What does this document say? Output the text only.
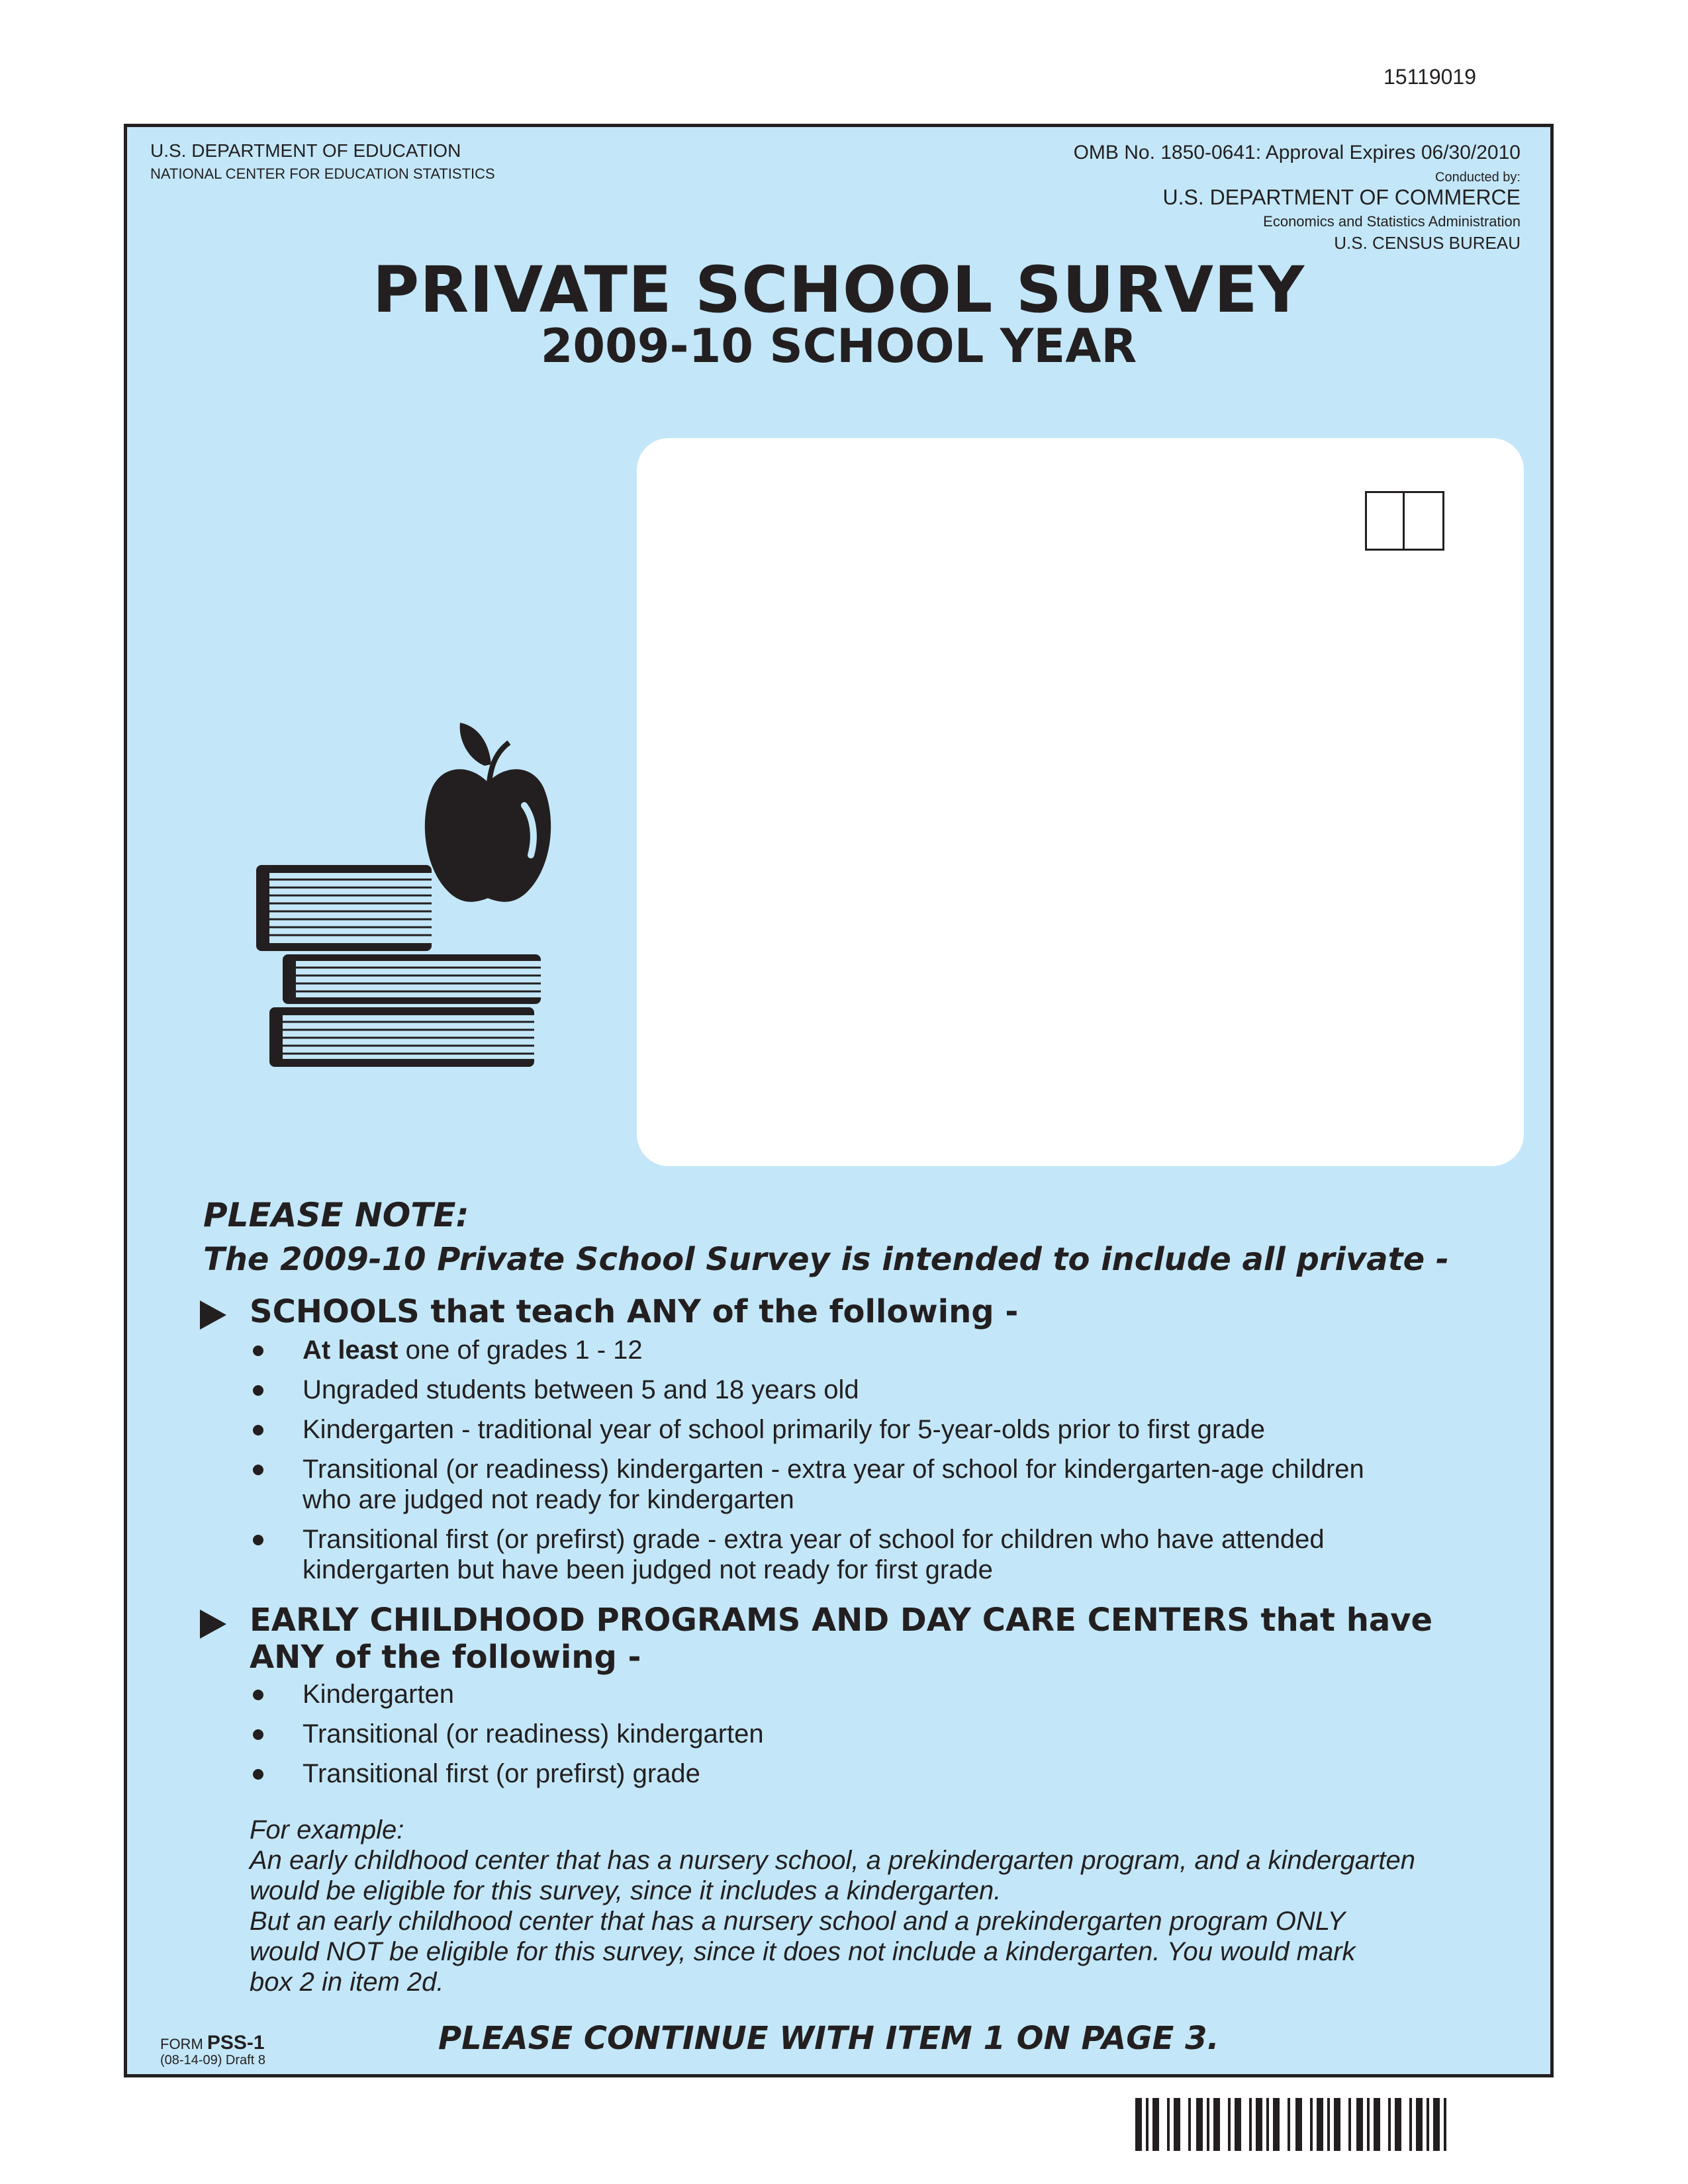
15119019
U.S. DEPARTMENT OF EDUCATION
NATIONAL CENTER FOR EDUCATION STATISTICS
OMB No. 1850-0641: Approval Expires 06/30/2010
Conducted by:
U.S. DEPARTMENT OF COMMERCE
Economics and Statistics Administration
U.S. CENSUS BUREAU
PRIVATE SCHOOL SURVEY
2009-10 SCHOOL YEAR
PLEASE NOTE:
The 2009-10 Private School Survey is intended to include all private -
SCHOOLS that teach ANY of the following -
At least one of grades 1 - 12
Ungraded students between 5 and 18 years old
Kindergarten - traditional year of school primarily for 5-year-olds prior to first grade
Transitional (or readiness) kindergarten - extra year of school for kindergarten-age children
who are judged not ready for kindergarten
Transitional first (or prefirst) grade - extra year of school for children who have attended
kindergarten but have been judged not ready for first grade
EARLY CHILDHOOD PROGRAMS AND DAY CARE CENTERS that have
ANY of the following -
Kindergarten
Transitional (or readiness) kindergarten
Transitional first (or prefirst) grade
For example:
An early childhood center that has a nursery school, a prekindergarten program, and a kindergarten
would be eligible for this survey, since it includes a kindergarten.
But an early childhood center that has a nursery school and a prekindergarten program ONLY
would NOT be eligible for this survey, since it does not include a kindergarten. You would mark
box 2 in item 2d.
FORM PSS-1
(08-14-09) Draft 8
PLEASE CONTINUE WITH ITEM 1 ON PAGE 3.
